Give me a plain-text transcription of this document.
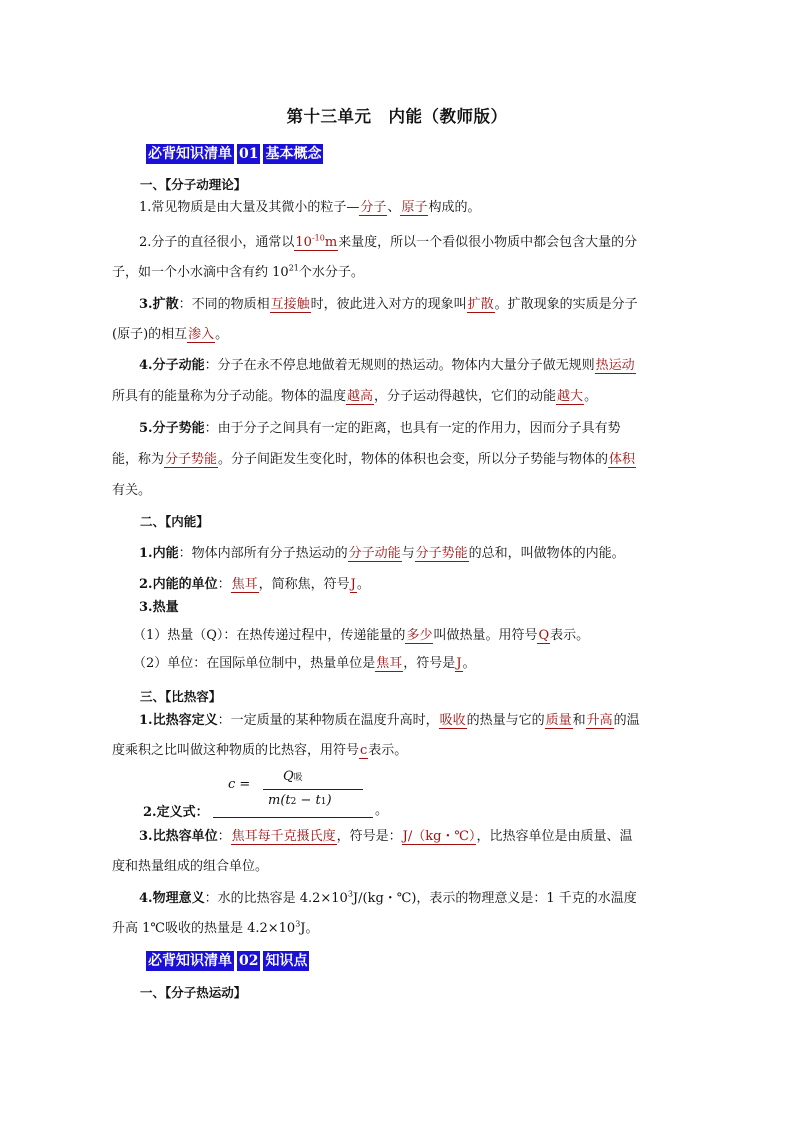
第十三单元　内能（教师版）
必背知识清单 01 基本概念
一、【分子动理论】
1.常见物质是由大量及其微小的粒子—分子、原子构成的。
2.分子的直径很小，通常以$10^{-10}m$来量度，所以一个看似很小物质中都会包含大量的分
子，如一个小水滴中含有约 $10^{21}$个水分子。
3.扩散：不同的物质相互接触时，彼此进入对方的现象叫扩散。扩散现象的实质是分子
(原子)的相互渗入。
4.分子动能：分子在永不停息地做着无规则的热运动。物体内大量分子做无规则热运动
所具有的能量称为分子动能。物体的温度越高，分子运动得越快，它们的动能越大。
5.分子势能：由于分子之间具有一定的距离，也具有一定的作用力，因而分子具有势
能，称为分子势能。分子间距发生变化时，物体的体积也会变，所以分子势能与物体的体积
有关。
二、【内能】
1.内能：物体内部所有分子热运动的分子动能与分子势能的总和，叫做物体的内能。
2.内能的单位：焦耳，简称焦，符号J。
3.热量
（1）热量（Q）：在热传递过程中，传递能量的多少叫做热量。用符号Q表示。
（2）单位：在国际单位制中，热量单位是焦耳，符号是J。
三、【比热容】
1.比热容定义：一定质量的某种物质在温度升高时，吸收的热量与它的质量和升高的温
度乘积之比叫做这种物质的比热容，用符号c表示。
2.定义式：
c =
Q吸
m(t2 − t1)
。
3.比热容单位：焦耳每千克摄氏度，符号是：J/（kg・℃），比热容单位是由质量、温
度和热量组成的组合单位。
4.物理意义：水的比热容是 $4.2\times 10^3J/(kg$・℃)，表示的物理意义是：1 千克的水温度
升高 1℃吸收的热量是 $4.2\times 10^3J$。
必背知识清单 02 知识点
一、【分子热运动】
